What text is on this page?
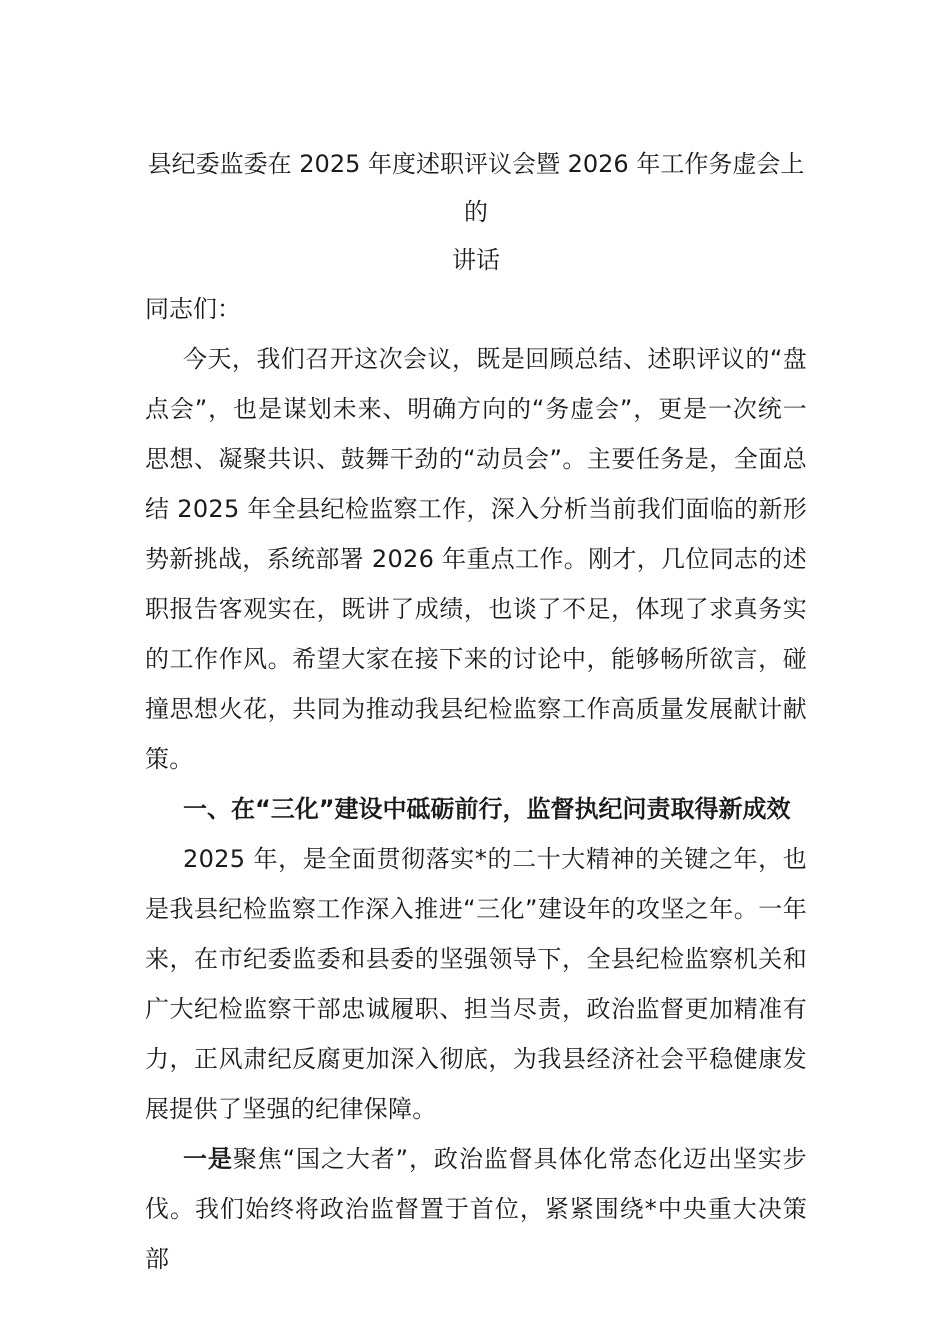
县纪委监委在 2025 年度述职评议会暨 2026 年工作务虚会上的
讲话

同志们：

今天，我们召开这次会议，既是回顾总结、述职评议的“盘点会”，也是谋划未来、明确方向的“务虚会”，更是一次统一思想、凝聚共识、鼓舞干劲的“动员会”。主要任务是，全面总结 2025 年全县纪检监察工作，深入分析当前我们面临的新形势新挑战，系统部署 2026 年重点工作。刚才，几位同志的述职报告客观实在，既讲了成绩，也谈了不足，体现了求真务实的工作作风。希望大家在接下来的讨论中，能够畅所欲言，碰撞思想火花，共同为推动我县纪检监察工作高质量发展献计献策。

一、在“三化”建设中砥砺前行，监督执纪问责取得新成效

2025 年，是全面贯彻落实*的二十大精神的关键之年，也是我县纪检监察工作深入推进“三化”建设年的攻坚之年。一年来，在市纪委监委和县委的坚强领导下，全县纪检监察机关和广大纪检监察干部忠诚履职、担当尽责，政治监督更加精准有力，正风肃纪反腐更加深入彻底，为我县经济社会平稳健康发展提供了坚强的纪律保障。

一是聚焦“国之大者”，政治监督具体化常态化迈出坚实步伐。我们始终将政治监督置于首位，紧紧围绕*中央重大决策部
